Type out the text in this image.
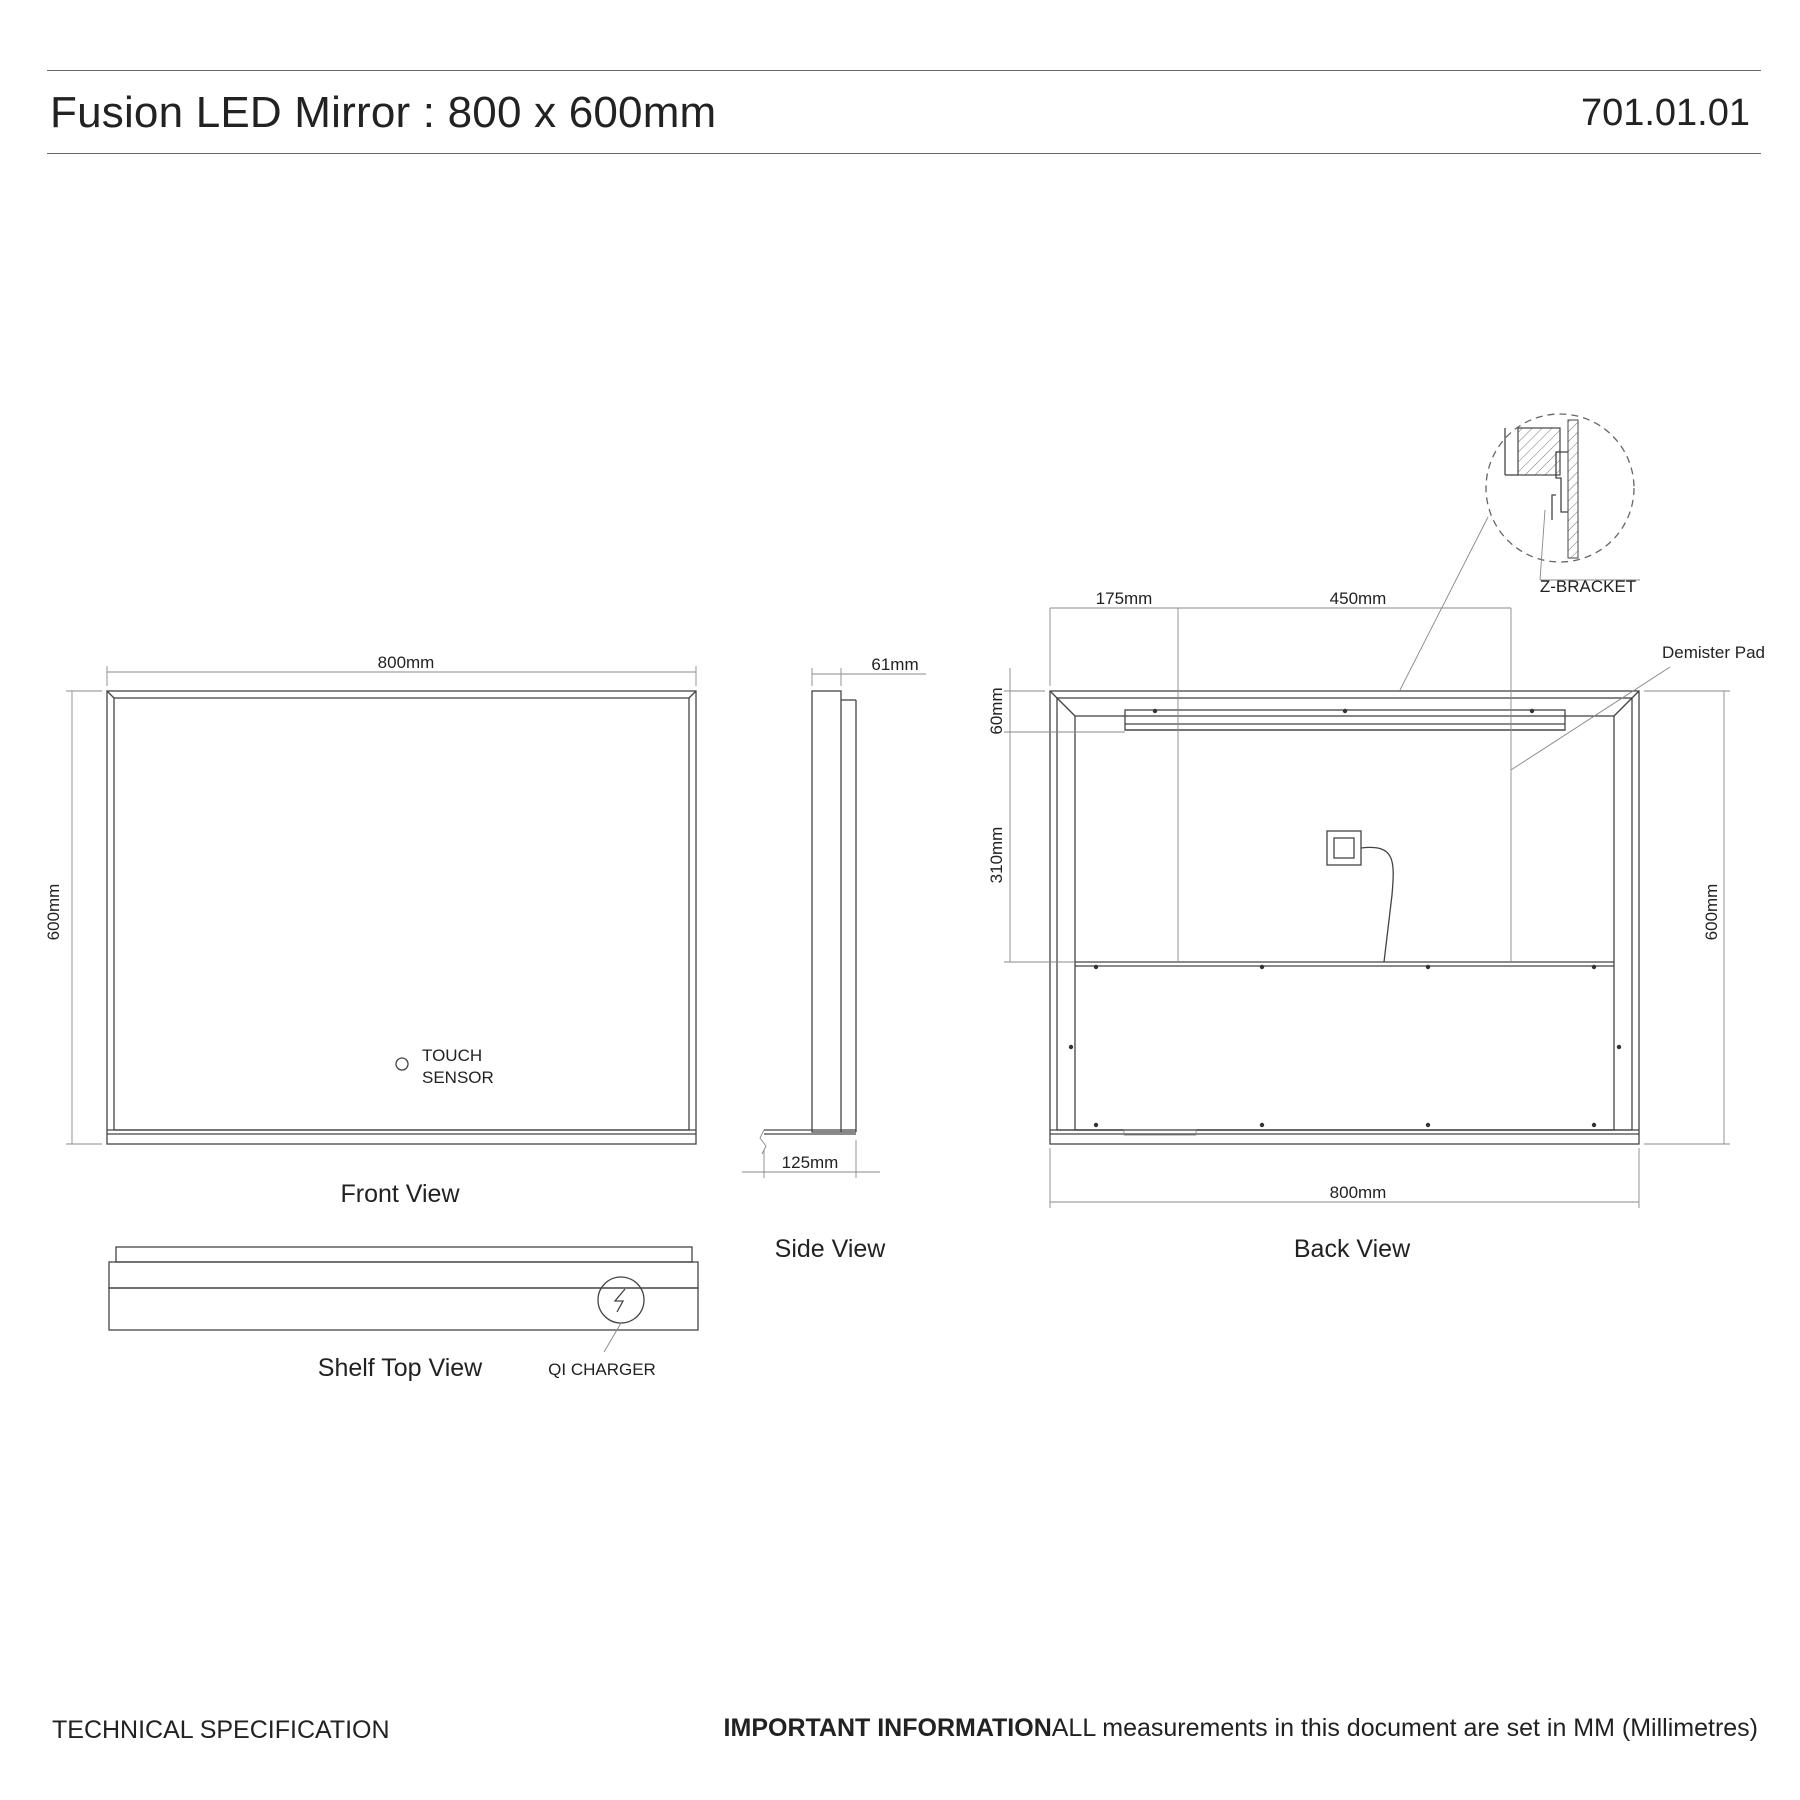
Fusion LED Mirror : 800 x 600mm	701.01.01
TOUCH
SENSOR
800mm
600mm
Front View
QI CHARGER
Shelf Top View
61mm
125mm
Side View
175mm	450mm
60mm
310mm
600mm
800mm
Demister Pad
Z-BRACKET
Back View
TECHNICAL SPECIFICATION	IMPORTANT INFORMATIONALL measurements in this document are set in MM (Millimetres)
